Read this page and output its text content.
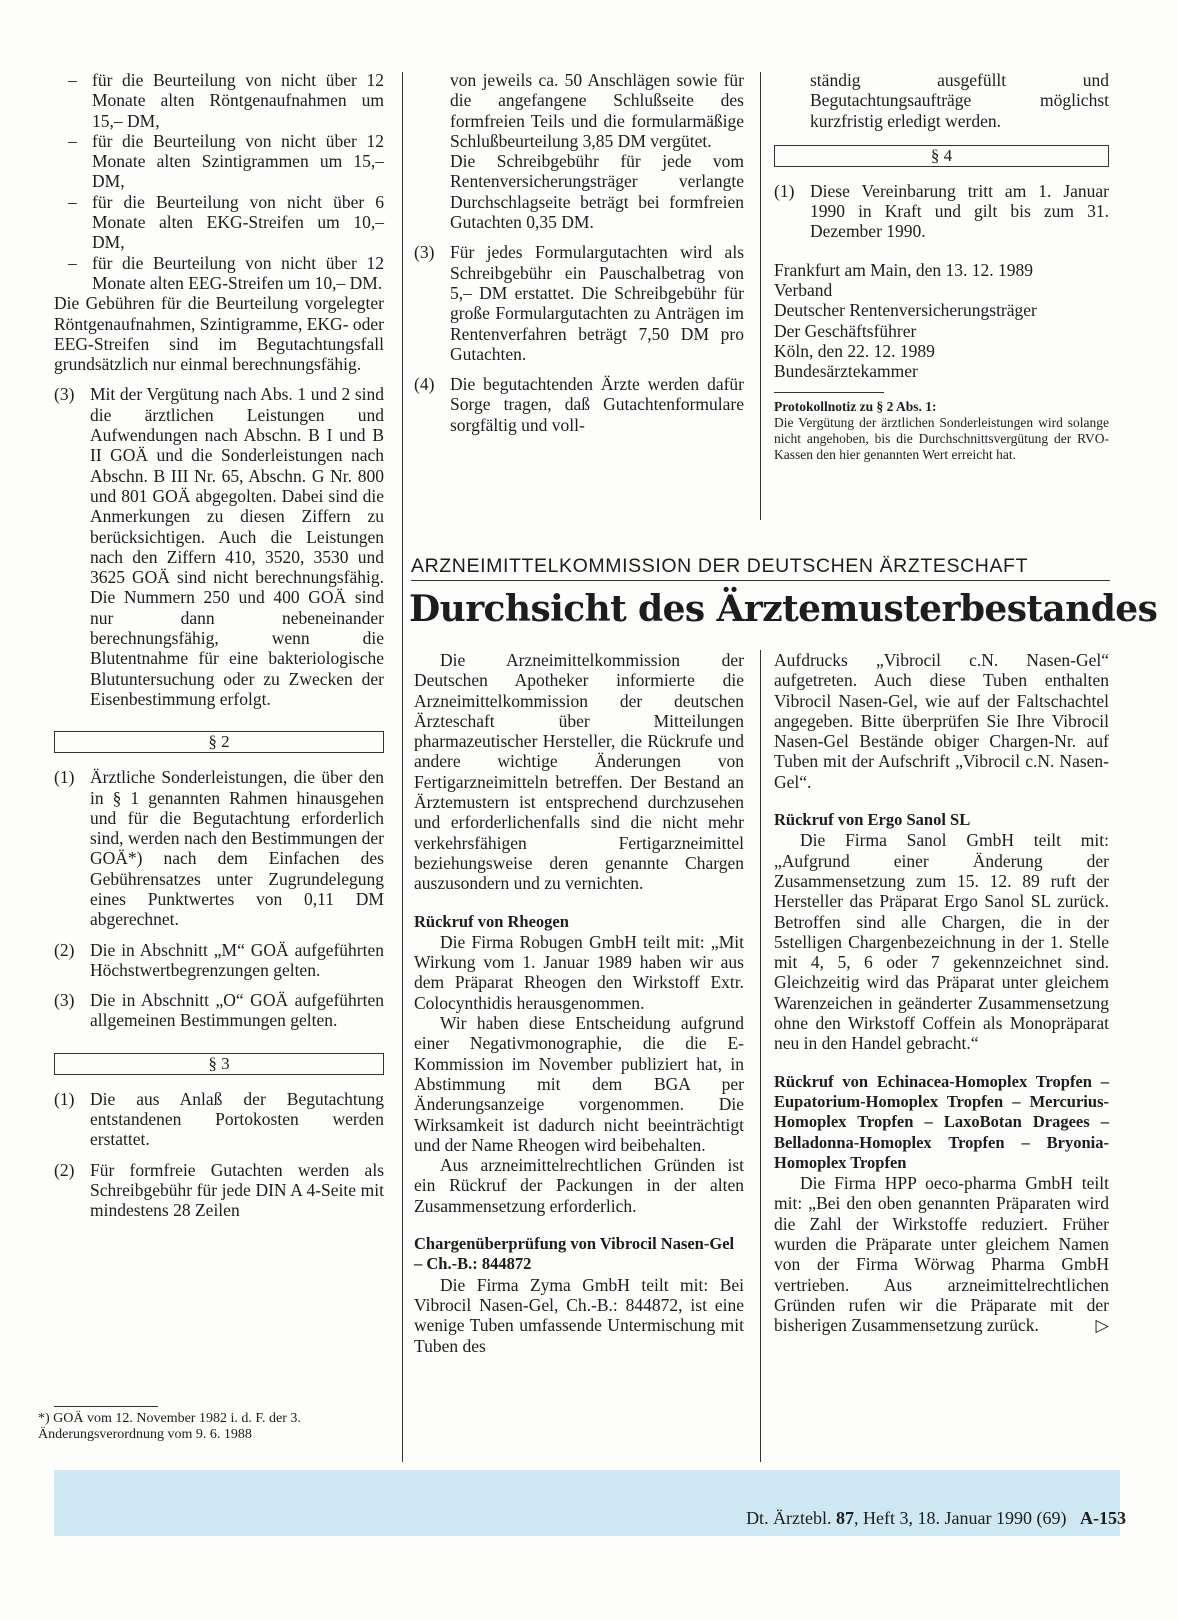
– für die Beurteilung von nicht über 12 Monate alten Röntgenaufnahmen um 15,– DM,

– für die Beurteilung von nicht über 12 Monate alten Szintigrammen um 15,– DM,

– für die Beurteilung von nicht über 6 Monate alten EKG-Streifen um 10,– DM,

– für die Beurteilung von nicht über 12 Monate alten EEG-Streifen um 10,– DM.

Die Gebühren für die Beurteilung vorgelegter Röntgenaufnahmen, Szintigramme, EKG- oder EEG-Streifen sind im Begutachtungsfall grundsätzlich nur einmal berechnungsfähig.

(3) Mit der Vergütung nach Abs. 1 und 2 sind die ärztlichen Leistungen und Aufwendungen nach Abschn. B I und B II GOÄ und die Sonderleistungen nach Abschn. B III Nr. 65, Abschn. G Nr. 800 und 801 GOÄ abgegolten. Dabei sind die Anmerkungen zu diesen Ziffern zu berücksichtigen. Auch die Leistungen nach den Ziffern 410, 3520, 3530 und 3625 GOÄ sind nicht berechnungsfähig. Die Nummern 250 und 400 GOÄ sind nur dann nebeneinander berechnungsfähig, wenn die Blutentnahme für eine bakteriologische Blutuntersuchung oder zu Zwecken der Eisenbestimmung erfolgt.

§ 2

(1) Ärztliche Sonderleistungen, die über den in § 1 genannten Rahmen hinausgehen und für die Begutachtung erforderlich sind, werden nach den Bestimmungen der GOÄ*) nach dem Einfachen des Gebührensatzes unter Zugrundelegung eines Punktwertes von 0,11 DM abgerechnet.

(2) Die in Abschnitt „M“ GOÄ aufgeführten Höchstwertbegrenzungen gelten.

(3) Die in Abschnitt „O“ GOÄ aufgeführten allgemeinen Bestimmungen gelten.

§ 3

(1) Die aus Anlaß der Begutachtung entstandenen Portokosten werden erstattet.

(2) Für formfreie Gutachten werden als Schreibgebühr für jede DIN A 4-Seite mit mindestens 28 Zeilen

*) GOÄ vom 12. November 1982 i. d. F. der 3. Änderungsverordnung vom 9. 6. 1988

von jeweils ca. 50 Anschlägen sowie für die angefangene Schlußseite des formfreien Teils und die formularmäßige Schlußbeurteilung 3,85 DM vergütet.

Die Schreibgebühr für jede vom Rentenversicherungsträger verlangte Durchschlagseite beträgt bei formfreien Gutachten 0,35 DM.

(3) Für jedes Formulargutachten wird als Schreibgebühr ein Pauschalbetrag von 5,– DM erstattet. Die Schreibgebühr für große Formulargutachten zu Anträgen im Rentenverfahren beträgt 7,50 DM pro Gutachten.

(4) Die begutachtenden Ärzte werden dafür Sorge tragen, daß Gutachtenformulare sorgfältig und voll-

ständig ausgefüllt und Begutachtungsaufträge möglichst kurzfristig erledigt werden.

§ 4

(1) Diese Vereinbarung tritt am 1. Januar 1990 in Kraft und gilt bis zum 31. Dezember 1990.

Frankfurt am Main, den 13. 12. 1989

Verband

Deutscher Rentenversicherungsträger

Der Geschäftsführer

Köln, den 22. 12. 1989

Bundesärztekammer

Protokollnotiz zu § 2 Abs. 1:

Die Vergütung der ärztlichen Sonderleistungen wird solange nicht angehoben, bis die Durchschnittsvergütung der RVO-Kassen den hier genannten Wert erreicht hat.

ARZNEIMITTELKOMMISSION DER DEUTSCHEN ÄRZTESCHAFT
Durchsicht des Ärztemusterbestandes

Die Arzneimittelkommission der Deutschen Apotheker informierte die Arzneimittelkommission der deutschen Ärzteschaft über Mitteilungen pharmazeutischer Hersteller, die Rückrufe und andere wichtige Änderungen von Fertigarzneimitteln betreffen. Der Bestand an Ärztemustern ist entsprechend durchzusehen und erforderlichenfalls sind die nicht mehr verkehrsfähigen Fertigarzneimittel beziehungsweise deren genannte Chargen auszusondern und zu vernichten.

Rückruf von Rheogen

Die Firma Robugen GmbH teilt mit: „Mit Wirkung vom 1. Januar 1989 haben wir aus dem Präparat Rheogen den Wirkstoff Extr. Colocynthidis herausgenommen.

Wir haben diese Entscheidung aufgrund einer Negativmonographie, die die E-Kommission im November publiziert hat, in Abstimmung mit dem BGA per Änderungsanzeige vorgenommen. Die Wirksamkeit ist dadurch nicht beeinträchtigt und der Name Rheogen wird beibehalten.

Aus arzneimittelrechtlichen Gründen ist ein Rückruf der Packungen in der alten Zusammensetzung erforderlich.

Chargenüberprüfung von Vibrocil Nasen-Gel – Ch.-B.: 844872

Die Firma Zyma GmbH teilt mit: Bei Vibrocil Nasen-Gel, Ch.-B.: 844872, ist eine wenige Tuben umfassende Untermischung mit Tuben des

Aufdrucks „Vibrocil c.N. Nasen-Gel“ aufgetreten. Auch diese Tuben enthalten Vibrocil Nasen-Gel, wie auf der Faltschachtel angegeben. Bitte überprüfen Sie Ihre Vibrocil Nasen-Gel Bestände obiger Chargen-Nr. auf Tuben mit der Aufschrift „Vibrocil c.N. Nasen-Gel“.

Rückruf von Ergo Sanol SL

Die Firma Sanol GmbH teilt mit: „Aufgrund einer Änderung der Zusammensetzung zum 15. 12. 89 ruft der Hersteller das Präparat Ergo Sanol SL zurück. Betroffen sind alle Chargen, die in der 5stelligen Chargenbezeichnung in der 1. Stelle mit 4, 5, 6 oder 7 gekennzeichnet sind. Gleichzeitig wird das Präparat unter gleichem Warenzeichen in geänderter Zusammensetzung ohne den Wirkstoff Coffein als Monopräparat neu in den Handel gebracht.“

Rückruf von Echinacea-Homoplex Tropfen – Eupatorium-Homoplex Tropfen – Mercurius-Homoplex Tropfen – LaxoBotan Dragees – Belladonna-Homoplex Tropfen – Bryonia-Homoplex Tropfen

Die Firma HPP oeco-pharma GmbH teilt mit: „Bei den oben genannten Präparaten wird die Zahl der Wirkstoffe reduziert. Früher wurden die Präparate unter gleichem Namen von der Firma Wörwag Pharma GmbH vertrieben. Aus arzneimittelrechtlichen Gründen rufen wir die Präparate mit der bisherigen Zusammensetzung zurück.	▷

Dt. Ärztebl. 87, Heft 3, 18. Januar 1990 (69) A-153
